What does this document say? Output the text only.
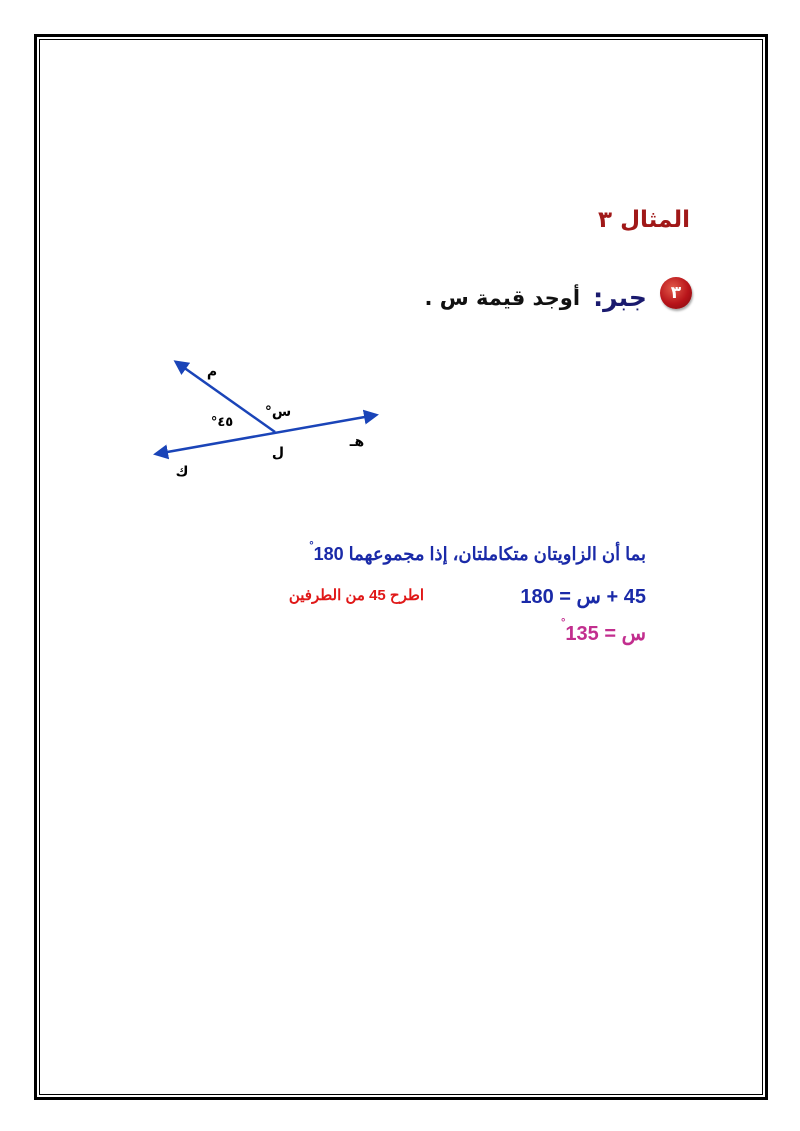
المثال ٣
٣ جبر: أوجد قيمة س .
م
س°
٤٥°
هـ
ل
ك
بما أن الزاويتان متكاملتان، إذا مجموعهما 180°
45 + س = 180
اطرح 45 من الطرفين
س = 135°
